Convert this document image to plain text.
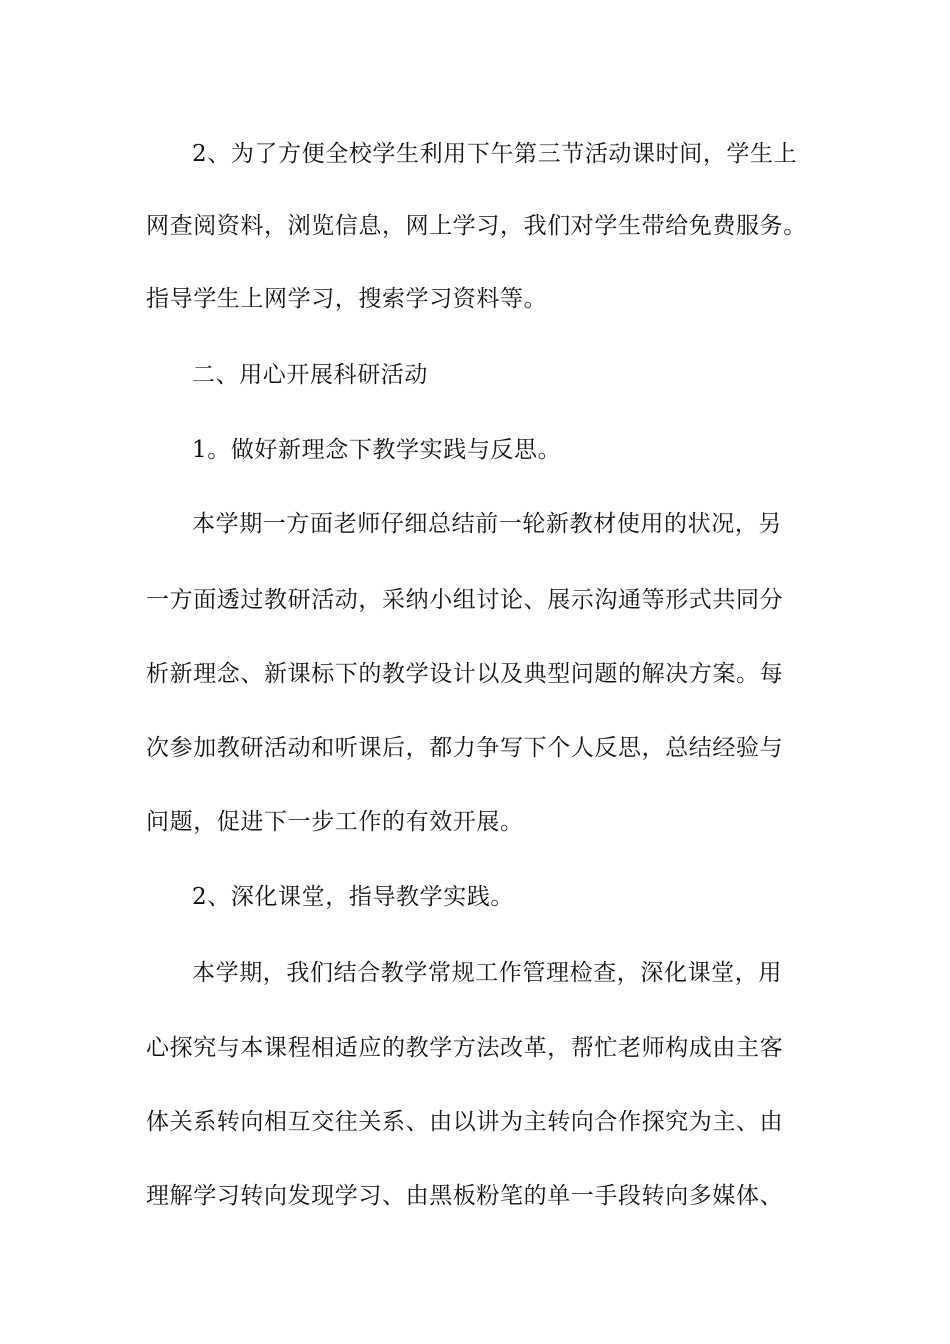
2、为了方便全校学生利用下午第三节活动课时间，学生上

网查阅资料，浏览信息，网上学习，我们对学生带给免费服务。

指导学生上网学习，搜索学习资料等。

二、用心开展科研活动

1。做好新理念下教学实践与反思。

本学期一方面老师仔细总结前一轮新教材使用的状况，另

一方面透过教研活动，采纳小组讨论、展示沟通等形式共同分

析新理念、新课标下的教学设计以及典型问题的解决方案。每

次参加教研活动和听课后，都力争写下个人反思，总结经验与

问题，促进下一步工作的有效开展。

2、深化课堂，指导教学实践。

本学期，我们结合教学常规工作管理检查，深化课堂，用

心探究与本课程相适应的教学方法改革，帮忙老师构成由主客

体关系转向相互交往关系、由以讲为主转向合作探究为主、由

理解学习转向发现学习、由黑板粉笔的单一手段转向多媒体、
